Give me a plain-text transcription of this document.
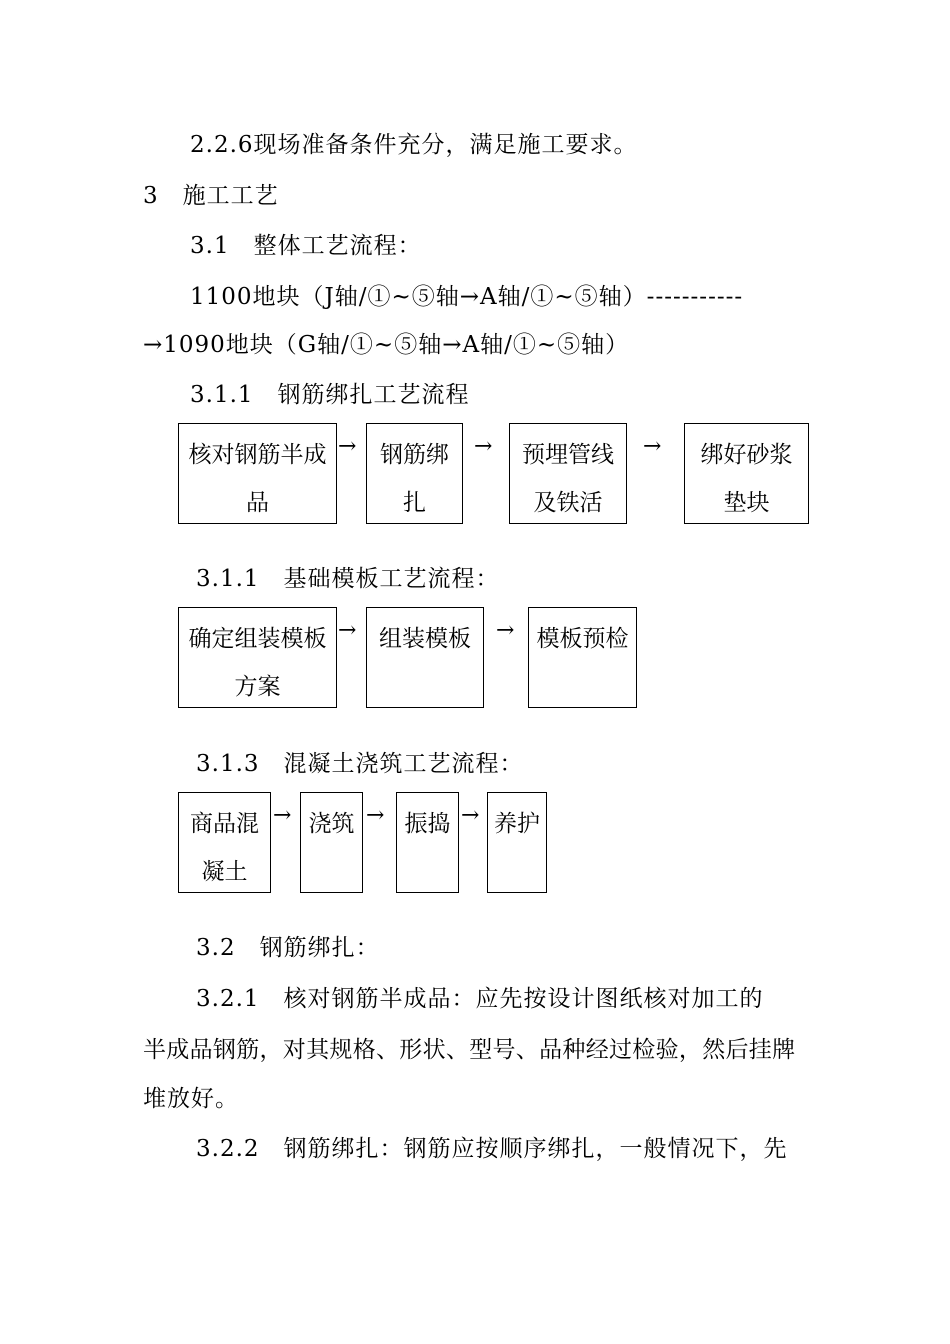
2.2.6现场准备条件充分，满足施工要求。
3　施工工艺
3.1　整体工艺流程：
1100地块（J轴/①~⑤轴→A轴/①~⑤轴）-----------
→1090地块（G轴/①~⑤轴→A轴/①~⑤轴）
3.1.1　钢筋绑扎工艺流程
核对钢筋半成
品
→	钢筋绑
扎
→	预埋管线
及铁活
→	绑好砂浆
垫块
3.1.1　基础模板工艺流程：
确定组装模板
方案
→ 组装模板	→ 模板预检
3.1.3　混凝土浇筑工艺流程：
商品混
凝土
→ 浇筑 → 振捣 → 养护
3.2　钢筋绑扎：
3.2.1　核对钢筋半成品：应先按设计图纸核对加工的
半成品钢筋，对其规格、形状、型号、品种经过检验，然后挂牌
堆放好。
3.2.2　钢筋绑扎：钢筋应按顺序绑扎，一般情况下，先
